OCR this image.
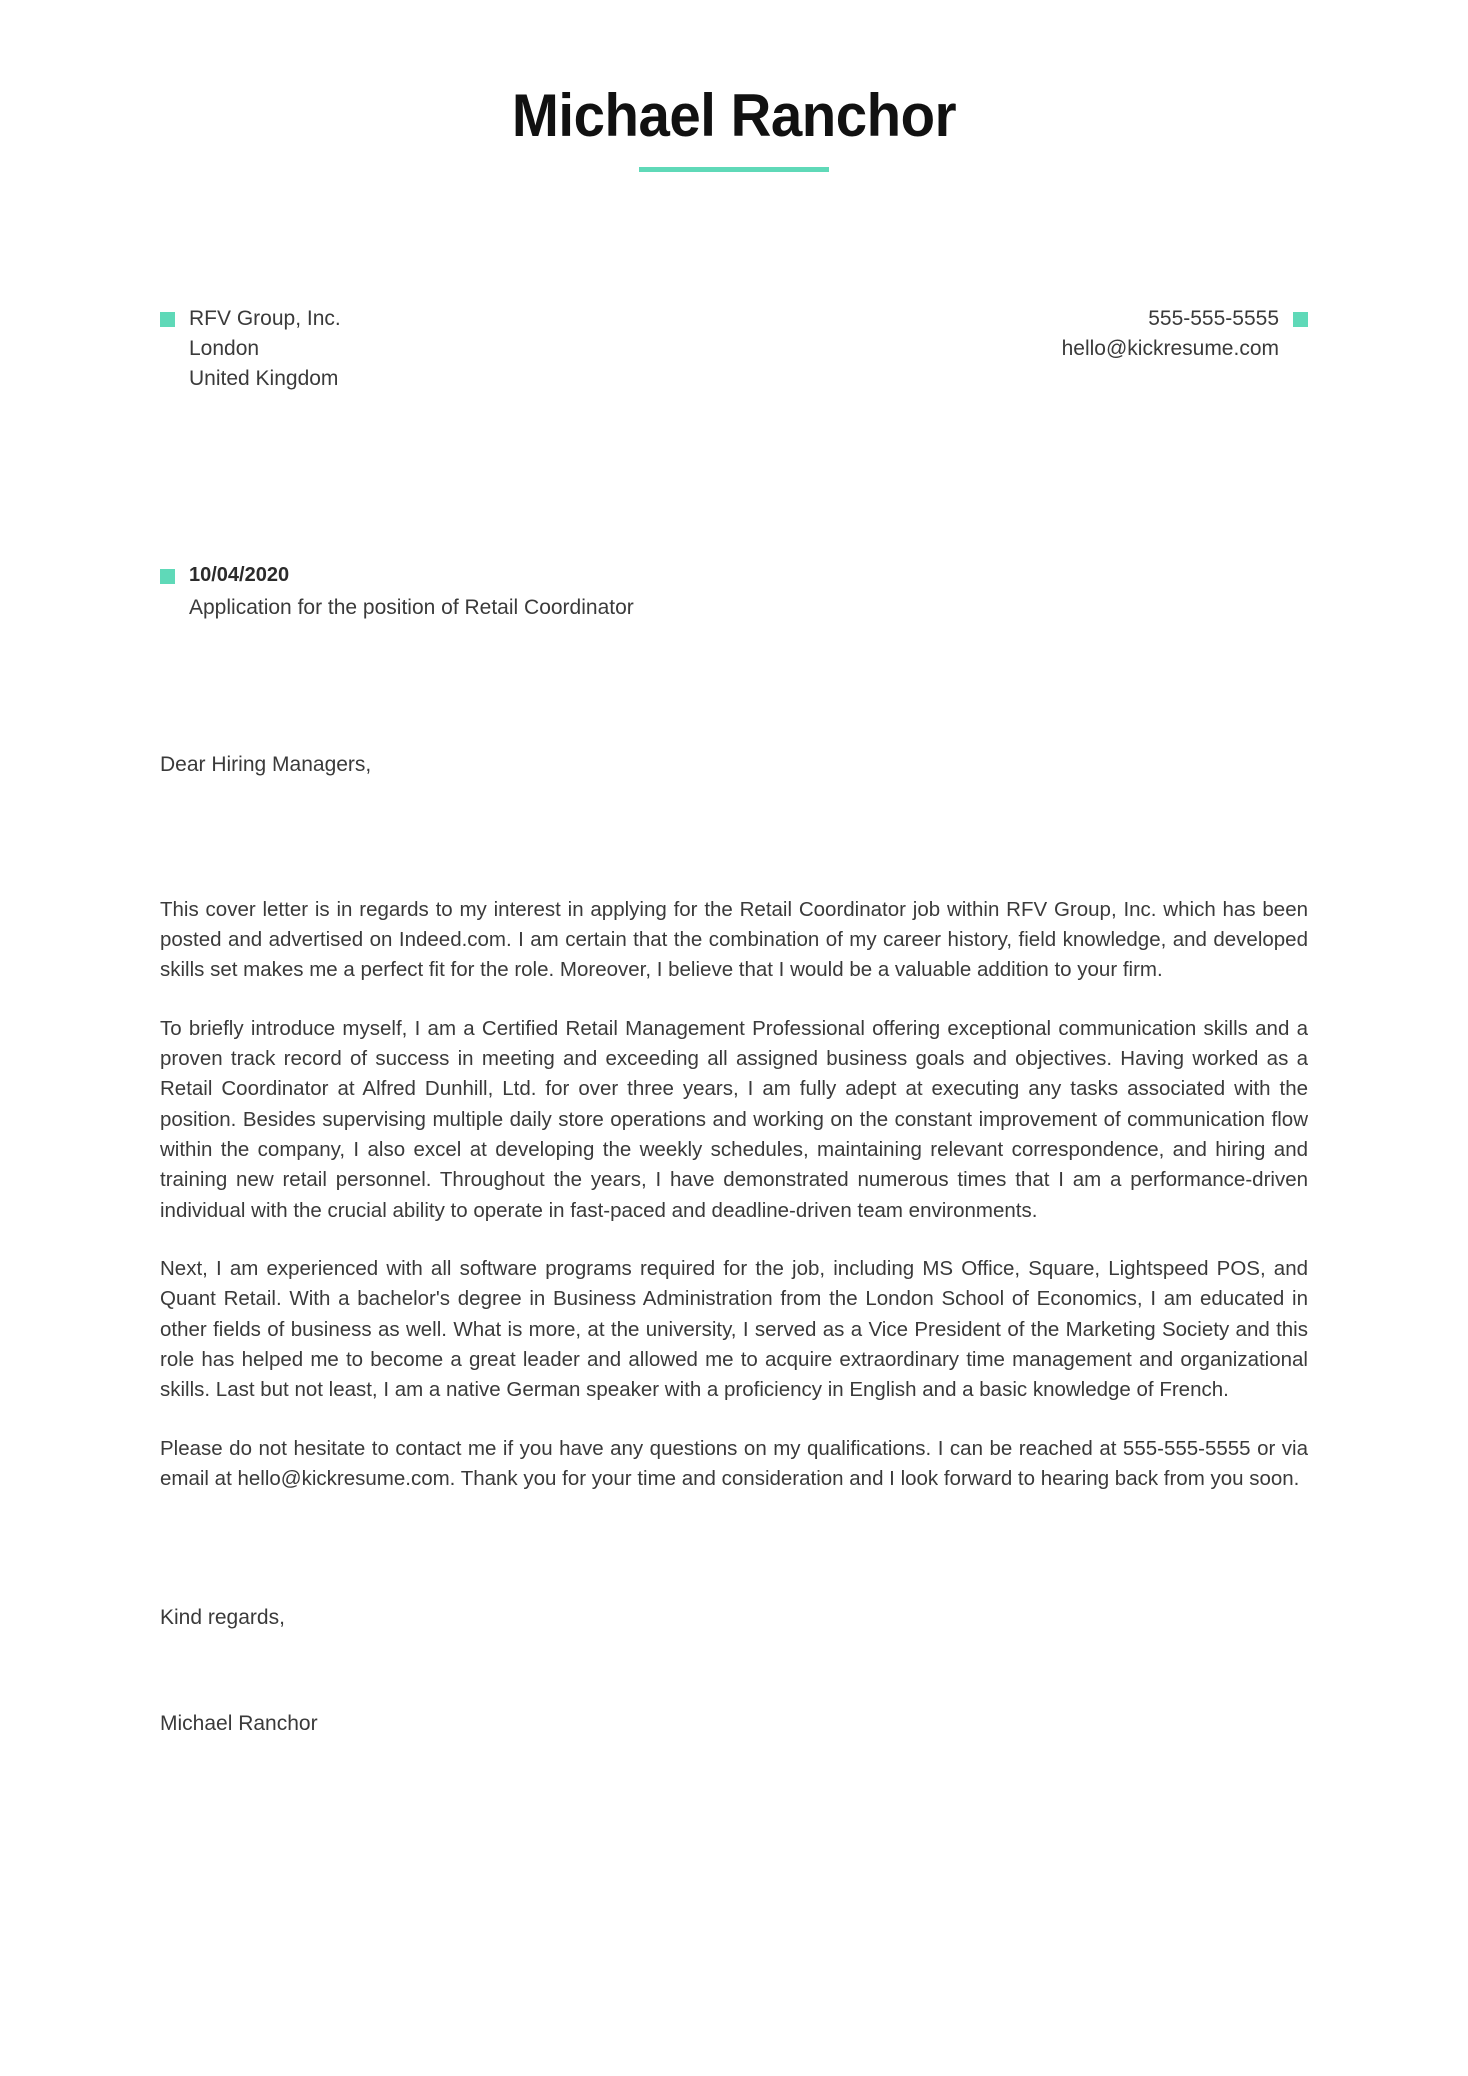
Michael Ranchor
RFV Group, Inc.
London
United Kingdom
555-555-5555
hello@kickresume.com
10/04/2020
Application for the position of Retail Coordinator
Dear Hiring Managers,

This cover letter is in regards to my interest in applying for the Retail Coordinator job within RFV Group, Inc. which has been posted and advertised on Indeed.com. I am certain that the combination of my career history, field knowledge, and developed skills set makes me a perfect fit for the role. Moreover, I believe that I would be a valuable addition to your firm.

To briefly introduce myself, I am a Certified Retail Management Professional offering exceptional communication skills and a proven track record of success in meeting and exceeding all assigned business goals and objectives. Having worked as a Retail Coordinator at Alfred Dunhill, Ltd. for over three years, I am fully adept at executing any tasks associated with the position. Besides supervising multiple daily store operations and working on the constant improvement of communication flow within the company, I also excel at developing the weekly schedules, maintaining relevant correspondence, and hiring and training new retail personnel. Throughout the years, I have demonstrated numerous times that I am a performance-driven individual with the crucial ability to operate in fast-paced and deadline-driven team environments.

Next, I am experienced with all software programs required for the job, including MS Office, Square, Lightspeed POS, and Quant Retail. With a bachelor's degree in Business Administration from the London School of Economics, I am educated in other fields of business as well. What is more, at the university, I served as a Vice President of the Marketing Society and this role has helped me to become a great leader and allowed me to acquire extraordinary time management and organizational skills. Last but not least, I am a native German speaker with a proficiency in English and a basic knowledge of French.

Please do not hesitate to contact me if you have any questions on my qualifications. I can be reached at 555-555-5555 or via email at hello@kickresume.com. Thank you for your time and consideration and I look forward to hearing back from you soon.

Kind regards,
Michael Ranchor
